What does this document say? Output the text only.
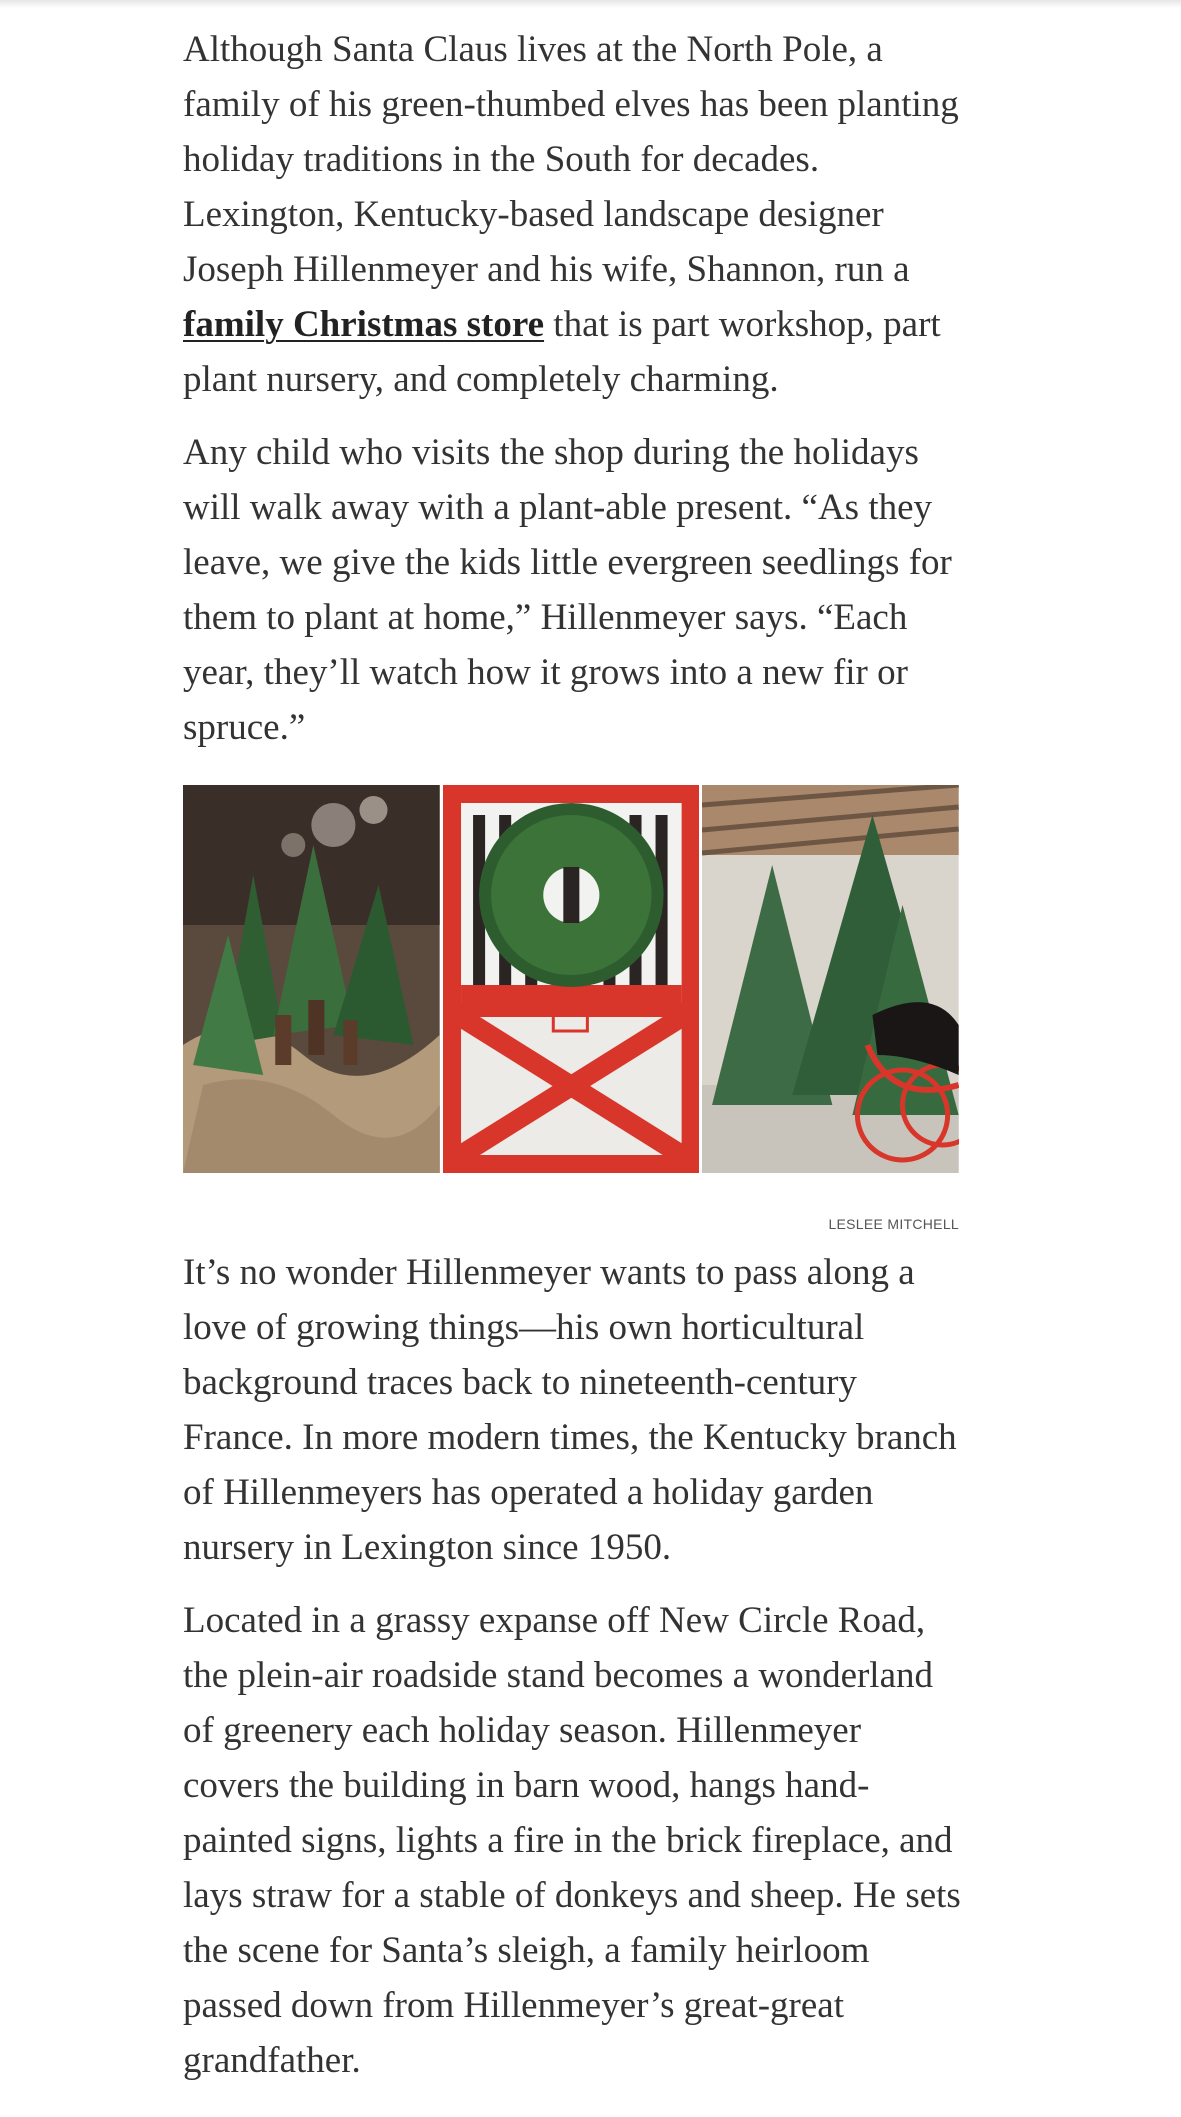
Although Santa Claus lives at the North Pole, a family of his green-thumbed elves has been planting holiday traditions in the South for decades. Lexington, Kentucky-based landscape designer Joseph Hillenmeyer and his wife, Shannon, run a family Christmas store that is part workshop, part plant nursery, and completely charming.

Any child who visits the shop during the holidays will walk away with a plant-able present. “As they leave, we give the kids little evergreen seedlings for them to plant at home,” Hillenmeyer says. “Each year, they’ll watch how it grows into a new fir or spruce.”

LESLEE MITCHELL

It’s no wonder Hillenmeyer wants to pass along a love of growing things—his own horticultural background traces back to nineteenth-century France. In more modern times, the Kentucky branch of Hillenmeyers has operated a holiday garden nursery in Lexington since 1950.

Located in a grassy expanse off New Circle Road, the plein-air roadside stand becomes a wonderland of greenery each holiday season. Hillenmeyer covers the building in barn wood, hangs hand-painted signs, lights a fire in the brick fireplace, and lays straw for a stable of donkeys and sheep. He sets the scene for Santa’s sleigh, a family heirloom passed down from Hillenmeyer’s great-great grandfather.
